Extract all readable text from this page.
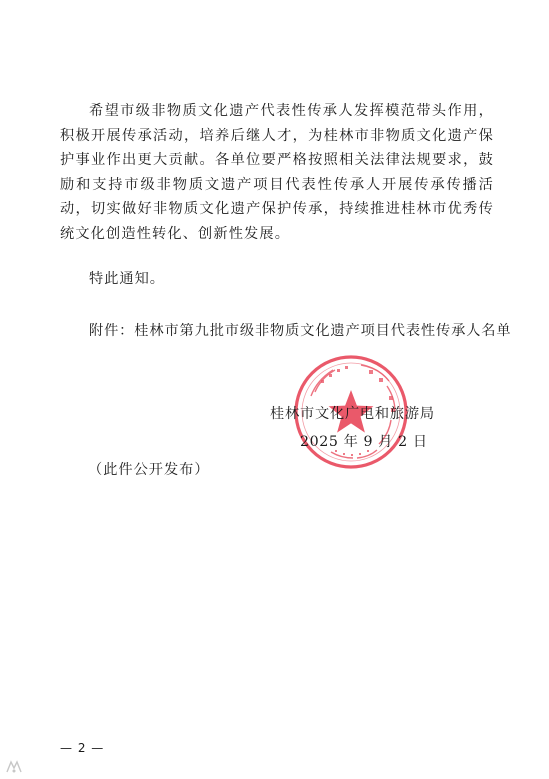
希望市级非物质文化遗产代表性传承人发挥模范带头作用，积极开展传承活动，培养后继人才，为桂林市非物质文化遗产保护事业作出更大贡献。各单位要严格按照相关法律法规要求，鼓励和支持市级非物质文遗产项目代表性传承人开展传承传播活动，切实做好非物质文化遗产保护传承，持续推进桂林市优秀传统文化创造性转化、创新性发展。

特此通知。

附件：桂林市第九批市级非物质文化遗产项目代表性传承人名单

桂林市文化广电和旅游局

2025 年 9 月 2 日

（此件公开发布）

— 2 —
